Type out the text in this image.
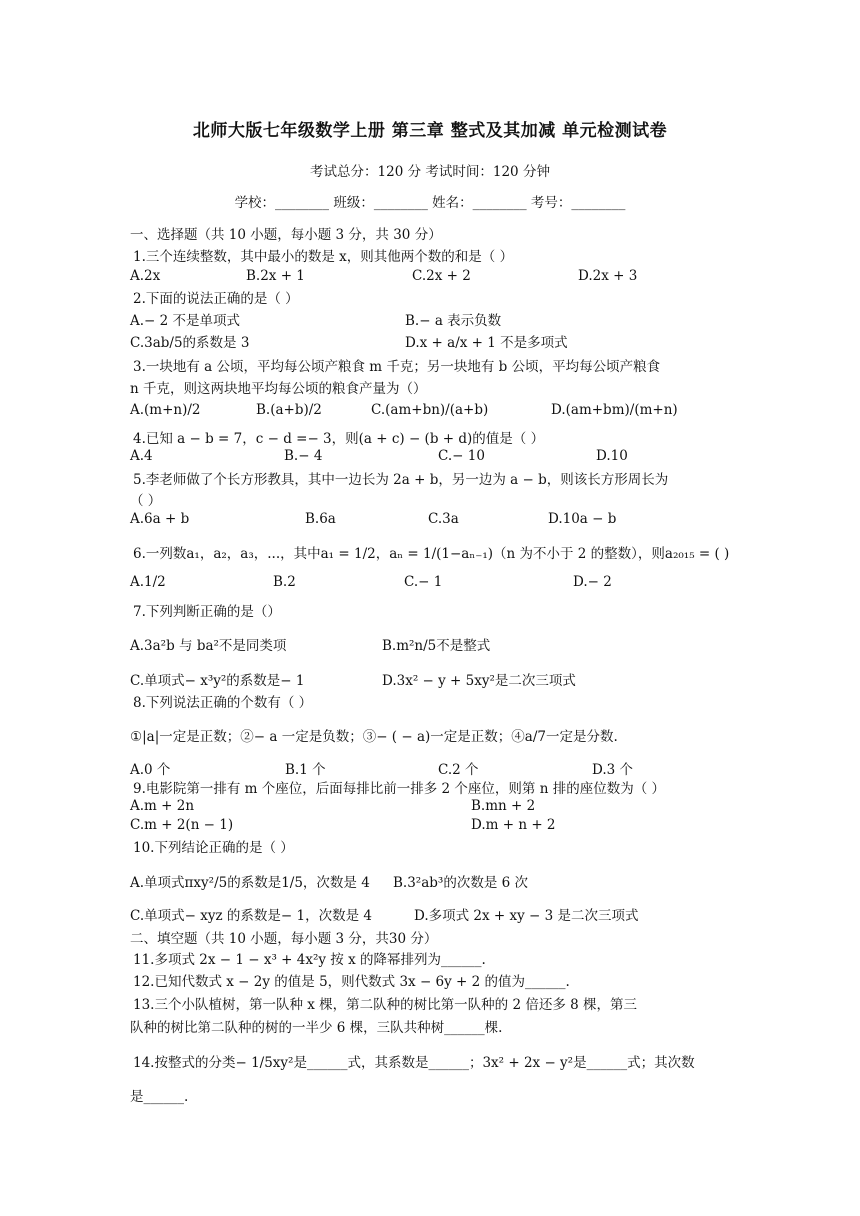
北师大版七年级数学上册 第三章 整式及其加减 单元检测试卷
考试总分：120 分 考试时间：120 分钟
学校：________ 班级：________ 姓名：________ 考号：________
一、选择题（共 10 小题，每小题 3 分，共 30 分）
1.三个连续整数，其中最小的数是 x，则其他两个数的和是（ ）
A.2x	B.2x + 1	C.2x + 2	D.2x + 3
2.下面的说法正确的是（ ）
A.− 2 不是单项式	B.− a 表示负数
C.3ab/5的系数是 3	D.x + a/x + 1 不是多项式
3.一块地有 a 公顷，平均每公顷产粮食 m 千克；另一块地有 b 公顷，平均每公顷产粮食
n 千克，则这两块地平均每公顷的粮食产量为（）
A.(m+n)/2	B.(a+b)/2	C.(am+bn)/(a+b)	D.(am+bm)/(m+n)
4.已知 a − b = 7，c − d =− 3，则(a + c) − (b + d)的值是（ ）
A.4	B.− 4	C.− 10	D.10
5.李老师做了个长方形教具，其中一边长为 2a + b，另一边为 a − b，则该长方形周长为
（ ）
A.6a + b	B.6a	C.3a	D.10a − b
6.一列数a₁，a₂，a₃，...，其中a₁ = 1/2，aₙ = 1/(1−aₙ₋₁)（n 为不小于 2 的整数），则a₂₀₁₅ = ( )
A.1/2	B.2	C.− 1	D.− 2
7.下列判断正确的是（）
A.3a²b 与 ba²不是同类项	B.m²n/5不是整式
C.单项式− x³y²的系数是− 1	D.3x² − y + 5xy²是二次三项式
8.下列说法正确的个数有（ ）
①|a|一定是正数；②− a 一定是负数；③− ( − a)一定是正数；④a/7一定是分数.
A.0 个	B.1 个	C.2 个	D.3 个
9.电影院第一排有 m 个座位，后面每排比前一排多 2 个座位，则第 n 排的座位数为（ ）
A.m + 2n	B.mn + 2
C.m + 2(n − 1)	D.m + n + 2
10.下列结论正确的是（ ）
A.单项式πxy²/5的系数是1/5，次数是 4 B.3²ab³的次数是 6 次
C.单项式− xyz 的系数是− 1，次数是 4	D.多项式 2x + xy − 3 是二次三项式
二、填空题（共 10 小题，每小题 3 分，共30 分）
11.多项式 2x − 1 − x³ + 4x²y 按 x 的降幂排列为______.
12.已知代数式 x − 2y 的值是 5，则代数式 3x − 6y + 2 的值为______.
13.三个小队植树，第一队种 x 棵，第二队种的树比第一队种的 2 倍还多 8 棵，第三
队种的树比第二队种的树的一半少 6 棵，三队共种树______棵.
14.按整式的分类− 1/5xy²是______式，其系数是______；3x² + 2x − y²是______式；其次数
是______.
